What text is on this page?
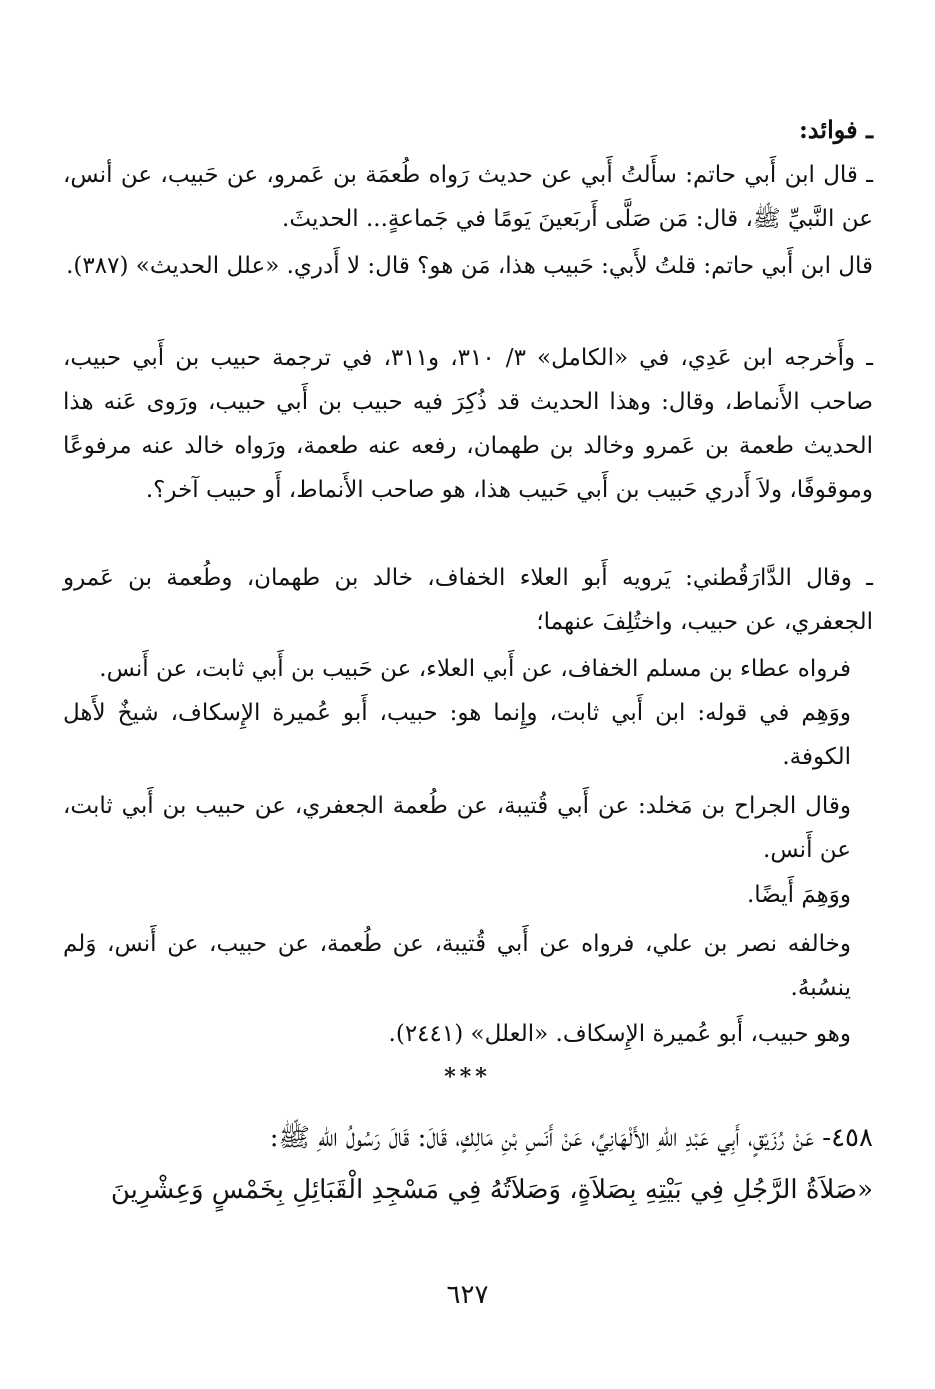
ـ فوائد:

ـ قال ابن أَبي حاتم: سأَلتُ أَبي عن حديث رَواه طُعمَة بن عَمرو، عن حَبيب، عن أنس، عن النَّبيِّ ﷺ، قال: مَن صَلَّى أَربَعينَ يَومًا في جَماعةٍ... الحديثَ.

قال ابن أَبي حاتم: قلتُ لأَبي: حَبيب هذا، مَن هو؟ قال: لا أَدري. «علل الحديث» (٣٨٧).

ـ وأَخرجه ابن عَدِي، في «الكامل» ٣/ ٣١٠، و٣١١، في ترجمة حبيب بن أَبي حبيب، صاحب الأَنماط، وقال: وهذا الحديث قد ذُكِرَ فيه حبيب بن أَبي حبيب، ورَوى عَنه هذا الحديث طعمة بن عَمرو وخالد بن طهمان، رفعه عنه طعمة، ورَواه خالد عنه مرفوعًا وموقوفًا، ولاَ أَدري حَبيب بن أَبي حَبيب هذا، هو صاحب الأَنماط، أَو حبيب آخر؟.

ـ وقال الدَّارَقُطني: يَرويه أَبو العلاء الخفاف، خالد بن طهمان، وطُعمة بن عَمرو الجعفري، عن حبيب، واختُلِفَ عنهما؛

فرواه عطاء بن مسلم الخفاف، عن أَبي العلاء، عن حَبيب بن أَبي ثابت، عن أَنس.

ووَهِم في قوله: ابن أَبي ثابت، وإِنما هو: حبيب، أَبو عُميرة الإِسكاف، شيخٌ لأَهل الكوفة.

وقال الجراح بن مَخلد: عن أَبي قُتيبة، عن طُعمة الجعفري، عن حبيب بن أَبي ثابت، عن أَنس.

ووَهِمَ أَيضًا.

وخالفه نصر بن علي، فرواه عن أَبي قُتيبة، عن طُعمة، عن حبيب، عن أَنس، وَلم ينسُبهُ.

وهو حبيب، أَبو عُميرة الإِسكاف. «العلل» (٢٤٤١).

***

٤٥٨- عَنْ رُزَيْقٍ، أَبِي عَبْدِ اللهِ الأَلْهَانِيِّ، عَنْ أَنَسِ بْنِ مَالِكٍ، قَالَ: قَالَ رَسُولُ اللهِ ﷺ:

«صَلاَةُ الرَّجُلِ فِي بَيْتِهِ بِصَلاَةٍ، وَصَلاَتُهُ فِي مَسْجِدِ الْقَبَائِلِ بِخَمْسٍ وَعِشْرِينَ

٦٢٧
